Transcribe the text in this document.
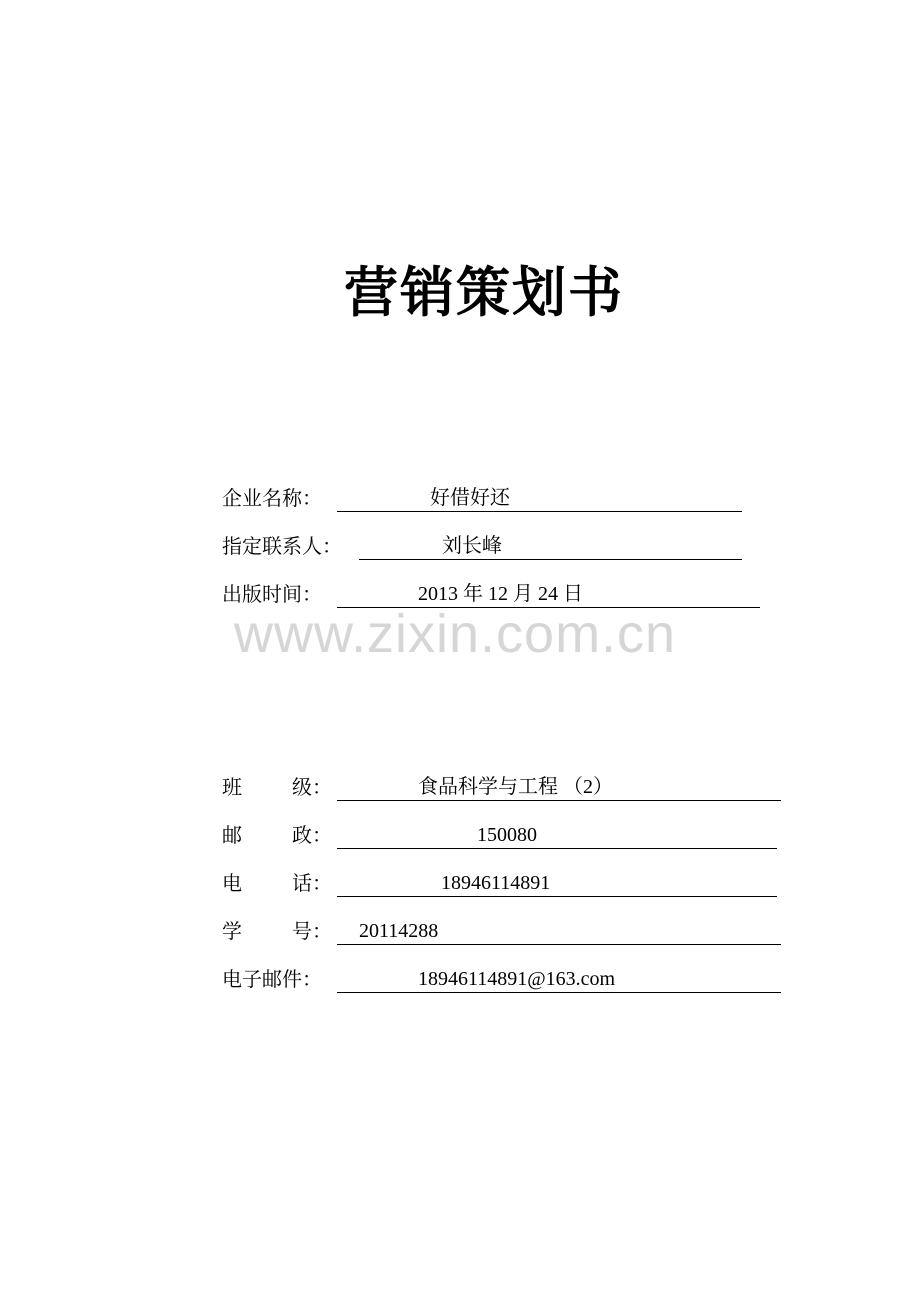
营销策划书
企业名称：	好借好还
指定联系人：	刘长峰
出版时间：	2013 年 12 月 24 日
www.zixin.com.cn
班	级：	食品科学与工程 （2）
邮	政：	150080
电	话：	18946114891
学	号： 20114288
电子邮件：	18946114891@163.com
